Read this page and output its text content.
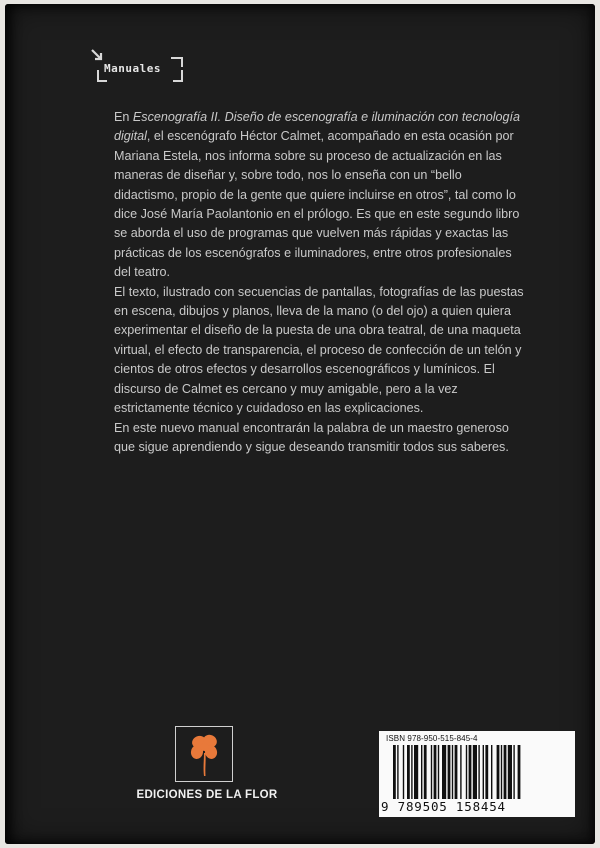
Manuales

En Escenografía II. Diseño de escenografía e iluminación con tecnología digital, el escenógrafo Héctor Calmet, acompañado en esta ocasión por Mariana Estela, nos informa sobre su proceso de actualización en las maneras de diseñar y, sobre todo, nos lo enseña con un “bello didactismo, propio de la gente que quiere incluirse en otros”, tal como lo dice José María Paolantonio en el prólogo. Es que en este segundo libro se aborda el uso de programas que vuelven más rápidas y exactas las prácticas de los escenógrafos e iluminadores, entre otros profesionales del teatro.

El texto, ilustrado con secuencias de pantallas, fotografías de las puestas en escena, dibujos y planos, lleva de la mano (o del ojo) a quien quiera experimentar el diseño de la puesta de una obra teatral, de una maqueta virtual, el efecto de transparencia, el proceso de confección de un telón y cientos de otros efectos y desarrollos escenográficos y lumínicos. El discurso de Calmet es cercano y muy amigable, pero a la vez estrictamente técnico y cuidadoso en las explicaciones.

En este nuevo manual encontrarán la palabra de un maestro generoso que sigue aprendiendo y sigue deseando transmitir todos sus saberes.

EDICIONES DE LA FLOR
ISBN 978-950-515-845-4
9 789505 158454
